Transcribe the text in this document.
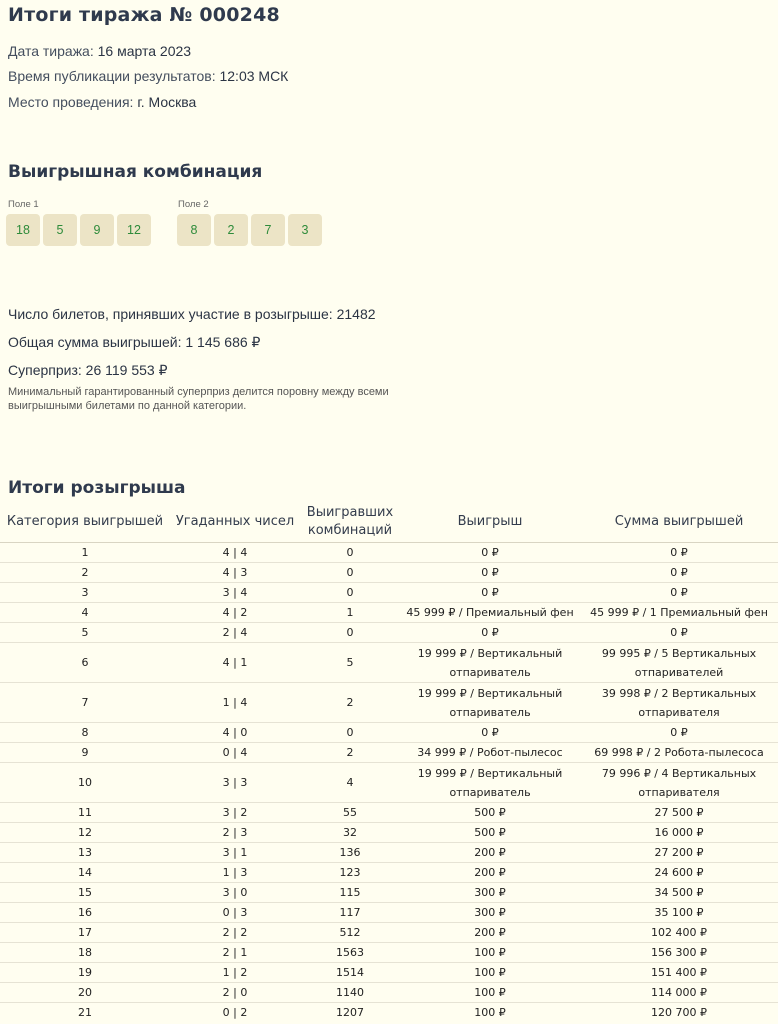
Итоги тиража № 000248
Дата тиража: 16 марта 2023
Время публикации результатов: 12:03 МСК
Место проведения: г. Москва
Выигрышная комбинация
Поле 1
18	5	9	12
Поле 2
8	2	7	3
Число билетов, принявших участие в розыгрыше: 21482
Общая сумма выигрышей: 1 145 686 ₽
Суперприз: 26 119 553 ₽
Минимальный гарантированный суперприз делится поровну между всеми выигрышными билетами по данной категории.
Итоги розыгрыша
Категория выигрышей	Угаданных чисел	Выигравших комбинаций	Выигрыш	Сумма выигрышей
1	4 | 4	0	0 ₽	0 ₽
2	4 | 3	0	0 ₽	0 ₽
3	3 | 4	0	0 ₽	0 ₽
4	4 | 2	1	45 999 ₽ / Премиальный фен	45 999 ₽ / 1 Премиальный фен
5	2 | 4	0	0 ₽	0 ₽
6	4 | 1	5	19 999 ₽ / Вертикальный отпариватель	99 995 ₽ / 5 Вертикальных отпаривателей
7	1 | 4	2	19 999 ₽ / Вертикальный отпариватель	39 998 ₽ / 2 Вертикальных отпаривателя
8	4 | 0	0	0 ₽	0 ₽
9	0 | 4	2	34 999 ₽ / Робот-пылесос	69 998 ₽ / 2 Робота-пылесоса
10	3 | 3	4	19 999 ₽ / Вертикальный отпариватель	79 996 ₽ / 4 Вертикальных отпаривателя
11	3 | 2	55	500 ₽	27 500 ₽
12	2 | 3	32	500 ₽	16 000 ₽
13	3 | 1	136	200 ₽	27 200 ₽
14	1 | 3	123	200 ₽	24 600 ₽
15	3 | 0	115	300 ₽	34 500 ₽
16	0 | 3	117	300 ₽	35 100 ₽
17	2 | 2	512	200 ₽	102 400 ₽
18	2 | 1	1563	100 ₽	156 300 ₽
19	1 | 2	1514	100 ₽	151 400 ₽
20	2 | 0	1140	100 ₽	114 000 ₽
21	0 | 2	1207	100 ₽	120 700 ₽
